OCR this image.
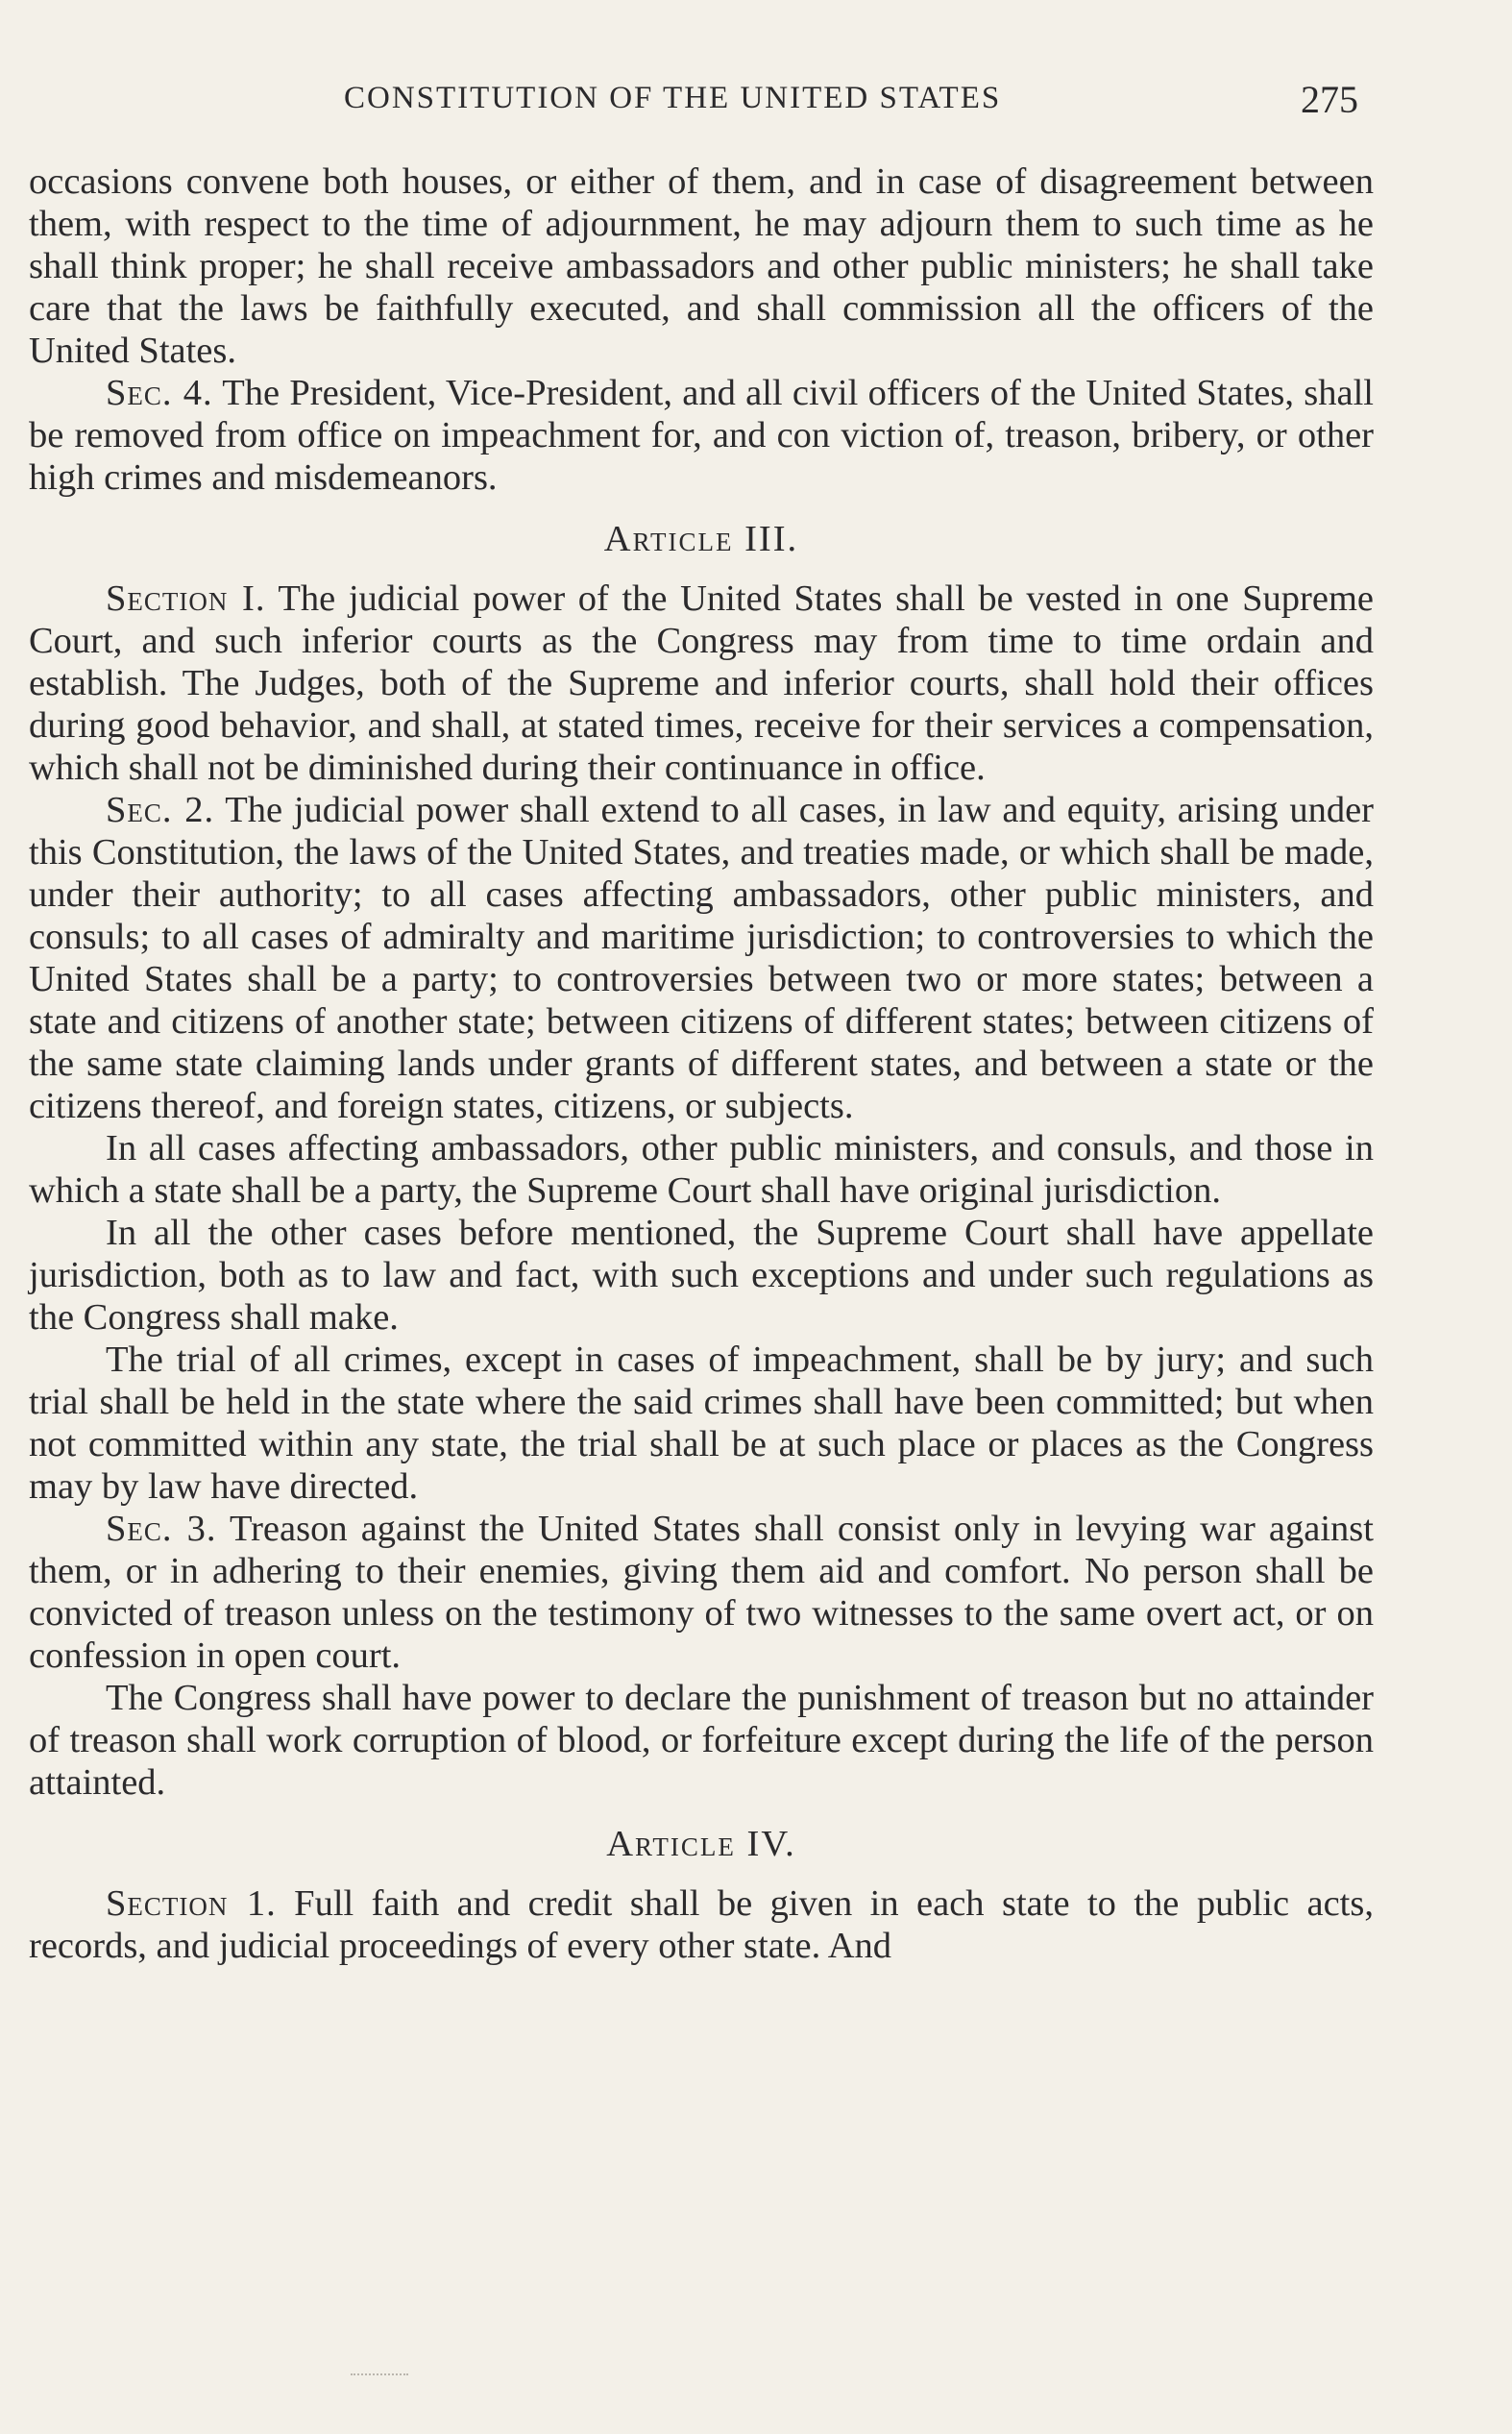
CONSTITUTION OF THE UNITED STATES	275

occasions convene both houses, or either of them, and in case of disagreement between them, with respect to the time of adjournment, he may adjourn them to such time as he shall think proper; he shall receive ambassadors and other public ministers; he shall take care that the laws be faithfully executed, and shall commission all the officers of the United States.

Sec. 4. The President, Vice-President, and all civil officers of the United States, shall be removed from office on impeachment for, and con viction of, treason, bribery, or other high crimes and misdemeanors.

Article III.

Section I. The judicial power of the United States shall be vested in one Supreme Court, and such inferior courts as the Congress may from time to time ordain and establish. The Judges, both of the Supreme and inferior courts, shall hold their offices during good behavior, and shall, at stated times, receive for their services a compensation, which shall not be diminished during their continuance in office.

Sec. 2. The judicial power shall extend to all cases, in law and equity, arising under this Constitution, the laws of the United States, and treaties made, or which shall be made, under their authority; to all cases affecting ambassadors, other public ministers, and consuls; to all cases of admiralty and maritime jurisdiction; to controversies to which the United States shall be a party; to controversies between two or more states; between a state and citizens of another state; between citizens of different states; between citizens of the same state claiming lands under grants of different states, and between a state or the citizens thereof, and foreign states, citizens, or subjects.

In all cases affecting ambassadors, other public ministers, and consuls, and those in which a state shall be a party, the Supreme Court shall have original jurisdiction.

In all the other cases before mentioned, the Supreme Court shall have appellate jurisdiction, both as to law and fact, with such exceptions and under such regulations as the Congress shall make.

The trial of all crimes, except in cases of impeachment, shall be by jury; and such trial shall be held in the state where the said crimes shall have been committed; but when not committed within any state, the trial shall be at such place or places as the Congress may by law have directed.

Sec. 3. Treason against the United States shall consist only in levying war against them, or in adhering to their enemies, giving them aid and comfort. No person shall be convicted of treason unless on the testimony of two witnesses to the same overt act, or on confession in open court.

The Congress shall have power to declare the punishment of treason but no attainder of treason shall work corruption of blood, or forfeiture except during the life of the person attainted.

Article IV.

Section 1. Full faith and credit shall be given in each state to the public acts, records, and judicial proceedings of every other state. And
